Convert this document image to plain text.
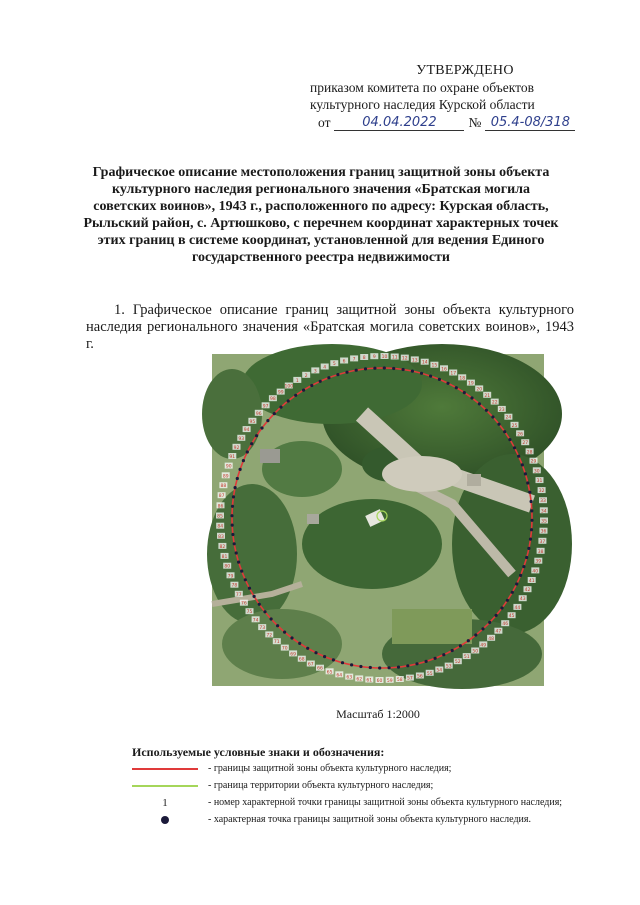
УТВЕРЖДЕНО
приказом комитета по охране объектов
культурного наследия Курской области
от	04.04.2022	№ 05.4-08/318
Графическое описание местоположения границ защитной зоны объекта культурного наследия регионального значения «Братская могила советских воинов», 1943 г., расположенного по адресу: Курская область, Рыльский район, с. Артюшково, с перечнем координат характерных точек этих границ в системе координат, установленной для ведения Единого государственного реестра недвижимости
1. Графическое описание границ защитной зоны объекта культурного наследия регионального значения «Братская могила советских воинов», 1943 г.
1
2
3
4
5
6 7 8 9 10 11 12 13 14
15
16
17
18
19
20
21
22
23
24
25
26
27
28
29
30
31
32
33
34
35
36
37
38
39
40
41
42
43
44
45
46
47
48
49
50
51
52
53
54
55
56
57
58
59
60
61
62
63
64
65
66
67
68
69
70
71
72
73
74
75
76
77
78
79
80
81
82
83
84
85
86
87
88
89
90
91
92
93
94
95
96
97
98
99
100
Масштаб 1:2000
Используемые условные знаки и обозначения:
- границы защитной зоны объекта культурного наследия;
- граница территории объекта культурного наследия;
1	- номер характерной точки границы защитной зоны объекта культурного наследия;
- характерная точка границы защитной зоны объекта культурного наследия.
